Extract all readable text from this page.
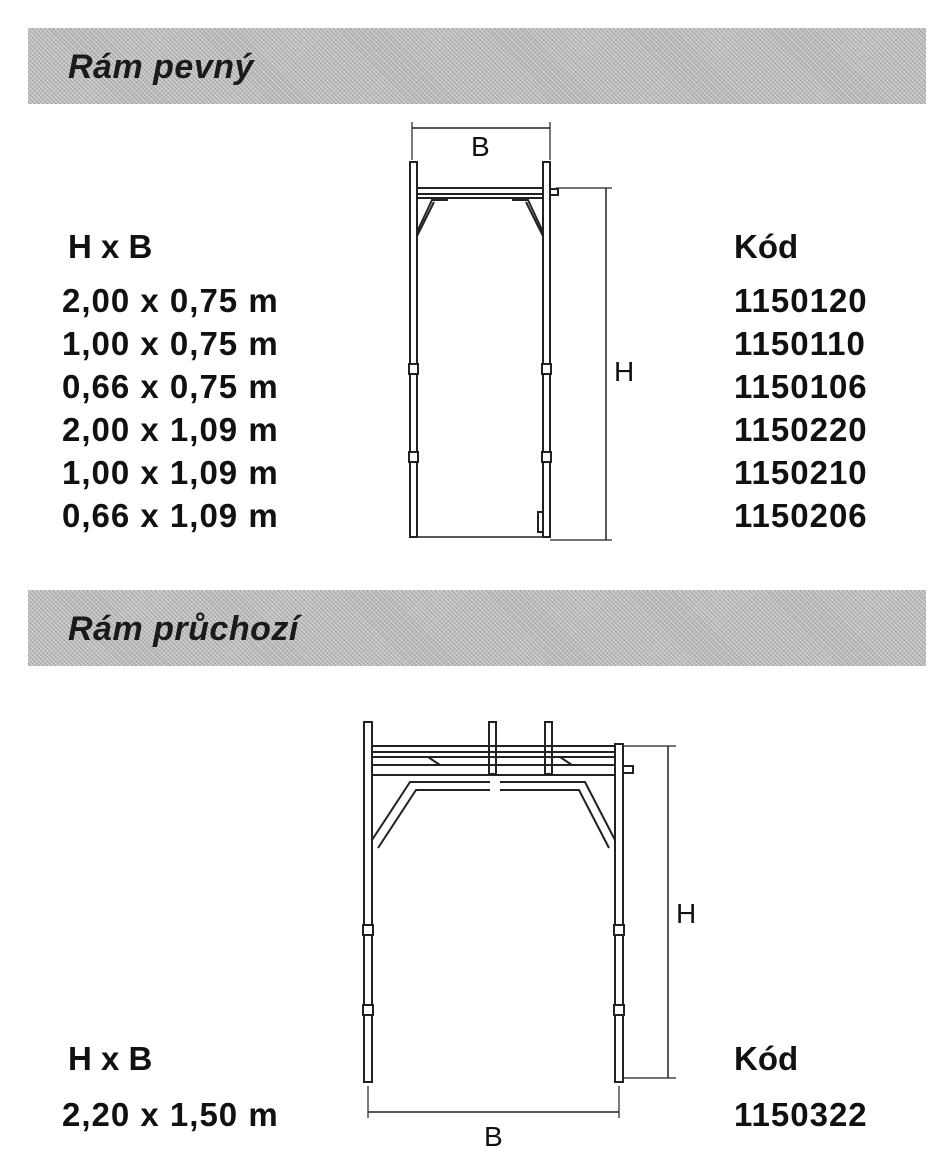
Rám pevný
H x B	Kód
2,00 x 0,75 m	1150120
1,00 x 0,75 m	1150110
0,66 x 0,75 m	1150106
2,00 x 1,09 m	1150220
1,00 x 1,09 m	1150210
0,66 x 1,09 m	1150206
B
H
Rám průchozí
H x B	Kód
2,20 x 1,50 m	1150322
H
B
